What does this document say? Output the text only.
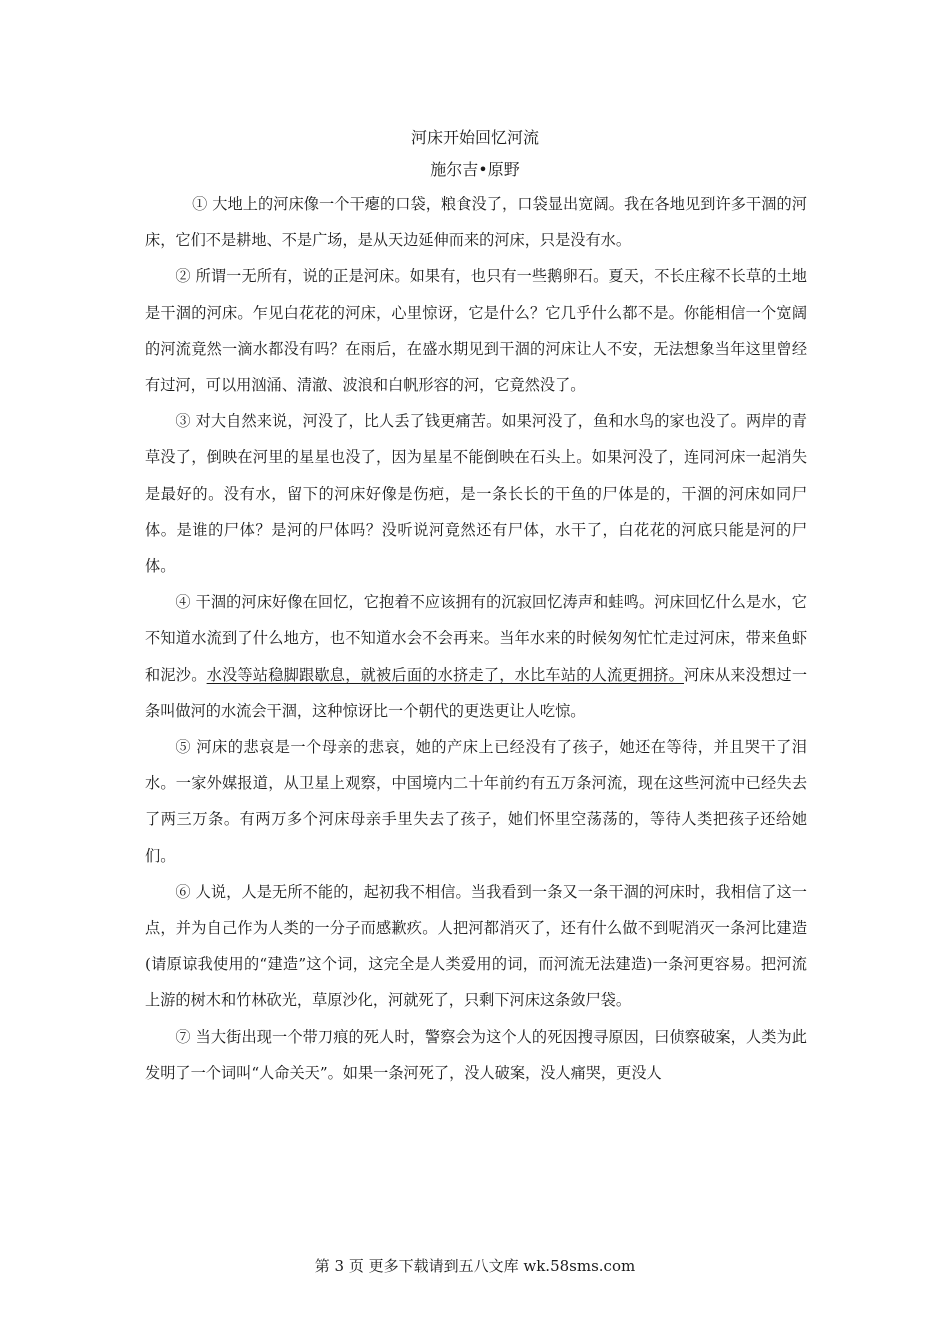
河床开始回忆河流
施尔吉•原野

① 大地上的河床像一个干瘪的口袋，粮食没了，口袋显出宽阔。我在各地见到许多干涸的河床，它们不是耕地、不是广场，是从天边延伸而来的河床，只是没有水。

② 所谓一无所有，说的正是河床。如果有，也只有一些鹅卵石。夏天，不长庄稼不长草的土地是干涸的河床。乍见白花花的河床，心里惊讶，它是什么？它几乎什么都不是。你能相信一个宽阔的河流竟然一滴水都没有吗？在雨后，在盛水期见到干涸的河床让人不安，无法想象当年这里曾经有过河，可以用汹涌、清澈、波浪和白帆形容的河，它竟然没了。

③ 对大自然来说，河没了，比人丢了钱更痛苦。如果河没了，鱼和水鸟的家也没了。两岸的青草没了，倒映在河里的星星也没了，因为星星不能倒映在石头上。如果河没了，连同河床一起消失是最好的。没有水，留下的河床好像是伤疤，是一条长长的干鱼的尸体是的，干涸的河床如同尸体。是谁的尸体？是河的尸体吗？没听说河竟然还有尸体，水干了，白花花的河底只能是河的尸体。

④ 干涸的河床好像在回忆，它抱着不应该拥有的沉寂回忆涛声和蛙鸣。河床回忆什么是水，它不知道水流到了什么地方，也不知道水会不会再来。当年水来的时候匆匆忙忙走过河床，带来鱼虾和泥沙。水没等站稳脚跟歇息，就被后面的水挤走了，水比车站的人流更拥挤。河床从来没想过一条叫做河的水流会干涸，这种惊讶比一个朝代的更迭更让人吃惊。

⑤ 河床的悲哀是一个母亲的悲哀，她的产床上已经没有了孩子，她还在等待，并且哭干了泪水。一家外媒报道，从卫星上观察，中国境内二十年前约有五万条河流，现在这些河流中已经失去了两三万条。有两万多个河床母亲手里失去了孩子，她们怀里空荡荡的，等待人类把孩子还给她们。

⑥ 人说，人是无所不能的，起初我不相信。当我看到一条又一条干涸的河床时，我相信了这一点，并为自己作为人类的一分子而感歉疚。人把河都消灭了，还有什么做不到呢消灭一条河比建造(请原谅我使用的“建造”这个词，这完全是人类爱用的词，而河流无法建造)一条河更容易。把河流上游的树木和竹林砍光，草原沙化，河就死了，只剩下河床这条敛尸袋。

⑦ 当大街出现一个带刀痕的死人时，警察会为这个人的死因搜寻原因，曰侦察破案，人类为此发明了一个词叫“人命关天”。如果一条河死了，没人破案，没人痛哭，更没人

第 3 页 更多下载请到五八文库 wk.58sms.com
